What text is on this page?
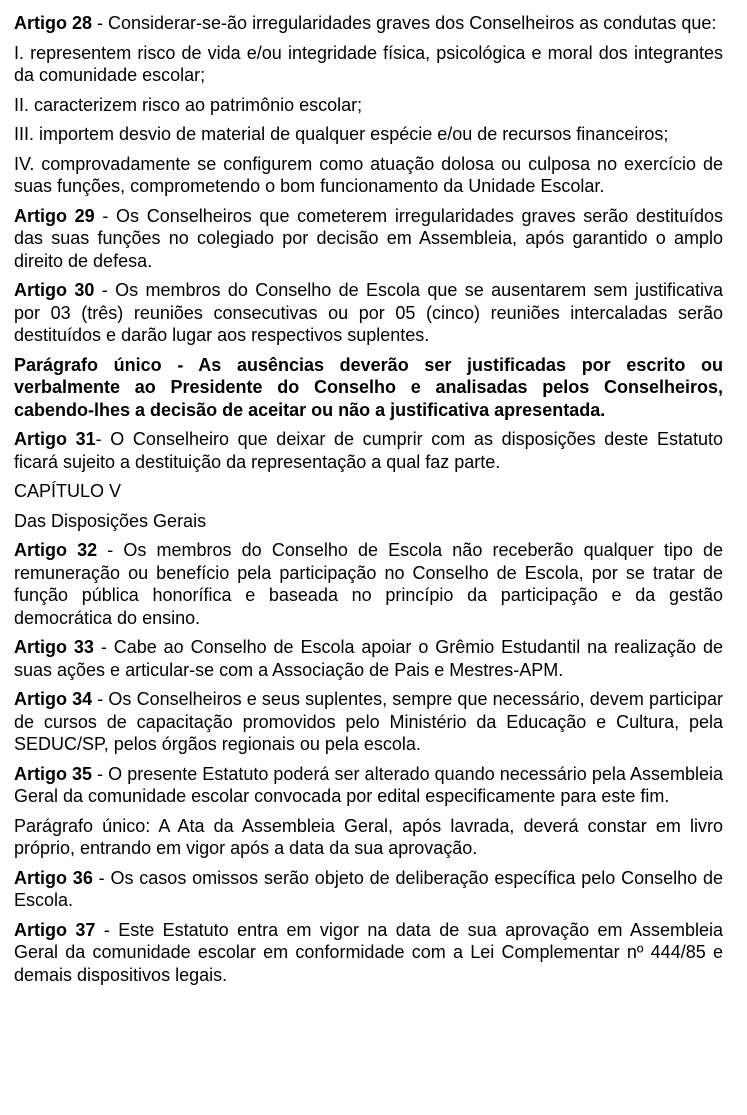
Artigo 28 - Considerar-se-ão irregularidades graves dos Conselheiros as condutas que:

I. representem risco de vida e/ou integridade física, psicológica e moral dos integrantes da comunidade escolar;

II. caracterizem risco ao patrimônio escolar;

III. importem desvio de material de qualquer espécie e/ou de recursos financeiros;

IV. comprovadamente se configurem como atuação dolosa ou culposa no exercício de suas funções, comprometendo o bom funcionamento da Unidade Escolar.

Artigo 29 - Os Conselheiros que cometerem irregularidades graves serão destituídos das suas funções no colegiado por decisão em Assembleia, após garantido o amplo direito de defesa.

Artigo 30 - Os membros do Conselho de Escola que se ausentarem sem justificativa por 03 (três) reuniões consecutivas ou por 05 (cinco) reuniões intercaladas serão destituídos e darão lugar aos respectivos suplentes.

Parágrafo único - As ausências deverão ser justificadas por escrito ou verbalmente ao Presidente do Conselho e analisadas pelos Conselheiros, cabendo-lhes a decisão de aceitar ou não a justificativa apresentada.

Artigo 31- O Conselheiro que deixar de cumprir com as disposições deste Estatuto ficará sujeito a destituição da representação a qual faz parte.

CAPÍTULO V

Das Disposições Gerais

Artigo 32 - Os membros do Conselho de Escola não receberão qualquer tipo de remuneração ou benefício pela participação no Conselho de Escola, por se tratar de função pública honorífica e baseada no princípio da participação e da gestão democrática do ensino.

Artigo 33 - Cabe ao Conselho de Escola apoiar o Grêmio Estudantil na realização de suas ações e articular-se com a Associação de Pais e Mestres-APM.

Artigo 34 - Os Conselheiros e seus suplentes, sempre que necessário, devem participar de cursos de capacitação promovidos pelo Ministério da Educação e Cultura, pela SEDUC/SP, pelos órgãos regionais ou pela escola.

Artigo 35 - O presente Estatuto poderá ser alterado quando necessário pela Assembleia Geral da comunidade escolar convocada por edital especificamente para este fim.

Parágrafo único: A Ata da Assembleia Geral, após lavrada, deverá constar em livro próprio, entrando em vigor após a data da sua aprovação.

Artigo 36 - Os casos omissos serão objeto de deliberação específica pelo Conselho de Escola.

Artigo 37 - Este Estatuto entra em vigor na data de sua aprovação em Assembleia Geral da comunidade escolar em conformidade com a Lei Complementar nº 444/85 e demais dispositivos legais.
